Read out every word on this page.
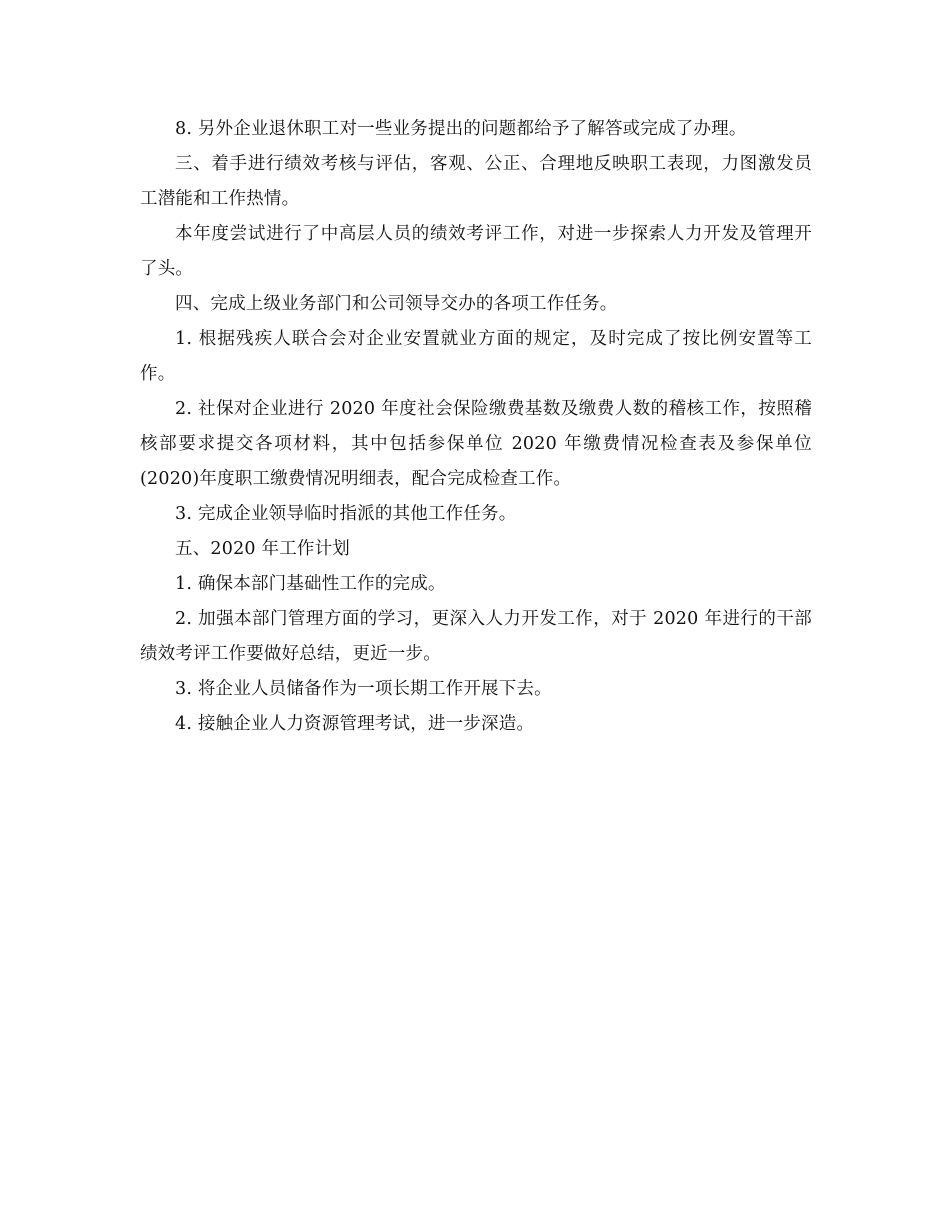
8. 另外企业退休职工对一些业务提出的问题都给予了解答或完成了办理。

三、着手进行绩效考核与评估，客观、公正、合理地反映职工表现，力图激发员工潜能和工作热情。

本年度尝试进行了中高层人员的绩效考评工作，对进一步探索人力开发及管理开了头。

四、完成上级业务部门和公司领导交办的各项工作任务。

1. 根据残疾人联合会对企业安置就业方面的规定，及时完成了按比例安置等工作。

2. 社保对企业进行 2020 年度社会保险缴费基数及缴费人数的稽核工作，按照稽核部要求提交各项材料，其中包括参保单位 2020 年缴费情况检查表及参保单位(2020)年度职工缴费情况明细表，配合完成检查工作。

3. 完成企业领导临时指派的其他工作任务。

五、2020 年工作计划

1. 确保本部门基础性工作的完成。

2. 加强本部门管理方面的学习，更深入人力开发工作，对于 2020 年进行的干部绩效考评工作要做好总结，更近一步。

3. 将企业人员储备作为一项长期工作开展下去。

4. 接触企业人力资源管理考试，进一步深造。
